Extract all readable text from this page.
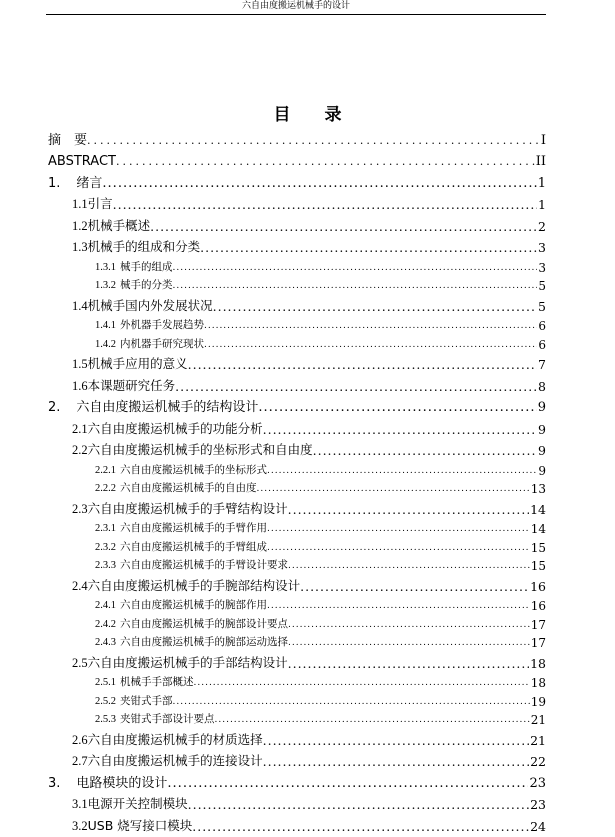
六自由度搬运机械手的设计
目 录
摘　要 .....	I
ABSTRACT .....	II
1. 绪言 .....	1
1.1引言 .....	1
1.2机械手概述 .....	2
1.3机械手的组成和分类 .....	3
1.3.1 械手的组成 .....	3
1.3.2 械手的分类 .....	5
1.4机械手国内外发展状况 .....	5
1.4.1 外机器手发展趋势 .....	6
1.4.2 内机器手研究现状 .....	6
1.5机械手应用的意义 .....	7
1.6本课题研究任务 .....	8
2. 六自由度搬运机械手的结构设计 .....	9
2.1六自由度搬运机械手的功能分析 .....	9
2.2六自由度搬运机械手的坐标形式和自由度 .....	9
2.2.1 六自由度搬运机械手的坐标形式 .....	9
2.2.2 六自由度搬运机械手的自由度 .....	13
2.3六自由度搬运机械手的手臂结构设计 .....	14
2.3.1 六自由度搬运机械手的手臂作用 .....	14
2.3.2 六自由度搬运机械手的手臂组成 .....	15
2.3.3 六自由度搬运机械手的手臂设计要求 .....	15
2.4六自由度搬运机械手的手腕部结构设计 .....	16
2.4.1 六自由度搬运机械手的腕部作用 .....	16
2.4.2 六自由度搬运机械手的腕部设计要点 .....	17
2.4.3 六自由度搬运机械手的腕部运动选择 .....	17
2.5六自由度搬运机械手的手部结构设计 .....	18
2.5.1 机械手手部概述 .....	18
2.5.2 夹钳式手部 .....	19
2.5.3 夹钳式手部设计要点 .....	21
2.6六自由度搬运机械手的材质选择 .....	21
2.7六自由度搬运机械手的连接设计 .....	22
3. 电路模块的设计 .....	23
3.1电源开关控制模块 .....	23
3.2USB 烧写接口模块 .....	24
